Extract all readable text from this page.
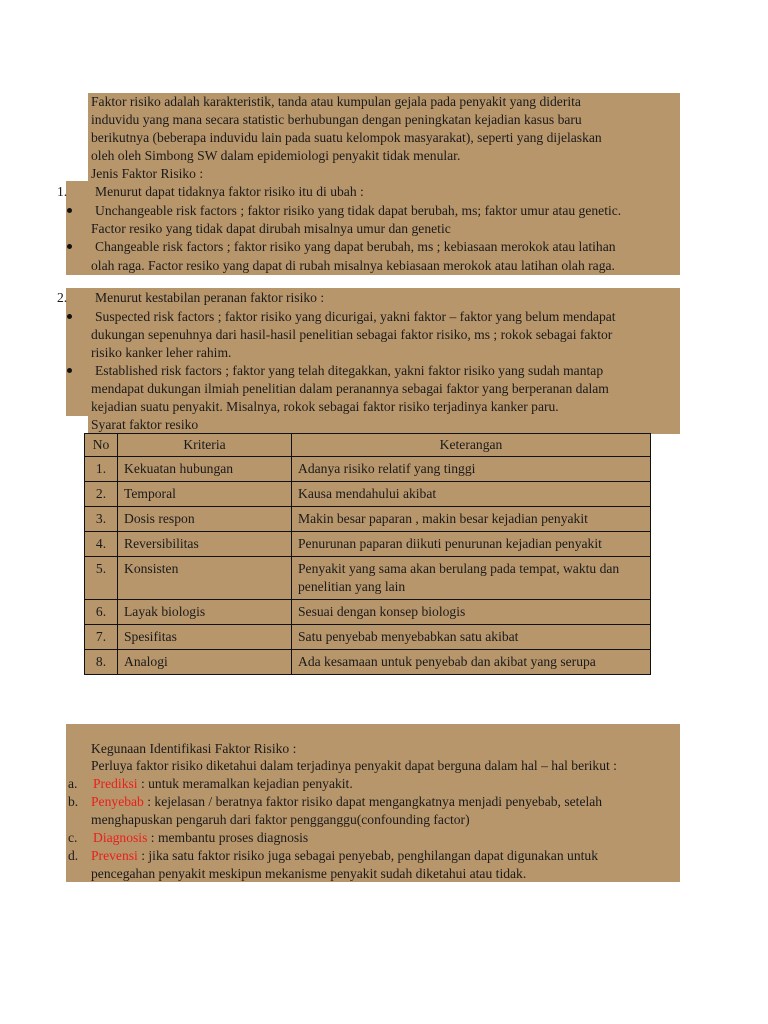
Faktor risiko adalah karakteristik, tanda atau kumpulan gejala pada penyakit yang diderita
induvidu yang mana secara statistic berhubungan dengan peningkatan kejadian kasus baru
berikutnya (beberapa induvidu lain pada suatu kelompok masyarakat), seperti yang dijelaskan
oleh oleh Simbong SW dalam epidemiologi penyakit tidak menular.
Jenis Faktor Risiko :
1. Menurut dapat tidaknya faktor risiko itu di ubah :
Unchangeable risk factors ; faktor risiko yang tidak dapat berubah, ms; faktor umur atau genetic.
Factor resiko yang tidak dapat dirubah misalnya umur dan genetic
Changeable risk factors ; faktor risiko yang dapat berubah, ms ; kebiasaan merokok atau latihan
olah raga. Factor resiko yang dapat di rubah misalnya kebiasaan merokok atau latihan olah raga.
2. Menurut kestabilan peranan faktor risiko :
Suspected risk factors ; faktor risiko yang dicurigai, yakni faktor – faktor yang belum mendapat
dukungan sepenuhnya dari hasil-hasil penelitian sebagai faktor risiko, ms ; rokok sebagai faktor
risiko kanker leher rahim.
Established risk factors ; faktor yang telah ditegakkan, yakni faktor risiko yang sudah mantap
mendapat dukungan ilmiah penelitian dalam peranannya sebagai faktor yang berperanan dalam
kejadian suatu penyakit. Misalnya, rokok sebagai faktor risiko terjadinya kanker paru.
Syarat faktor resiko
No	Kriteria	Keterangan
1.	Kekuatan hubungan	Adanya risiko relatif yang tinggi
2.	Temporal	Kausa mendahului akibat
3.	Dosis respon	Makin besar paparan , makin besar kejadian penyakit
4.	Reversibilitas	Penurunan paparan diikuti penurunan kejadian penyakit
5.	Konsisten	Penyakit yang sama akan berulang pada tempat, waktu dan penelitian yang lain
6.	Layak biologis	Sesuai dengan konsep biologis
7.	Spesifitas	Satu penyebab menyebabkan satu akibat
8.	Analogi	Ada kesamaan untuk penyebab dan akibat yang serupa
Kegunaan Identifikasi Faktor Risiko :
Perluya faktor risiko diketahui dalam terjadinya penyakit dapat berguna dalam hal – hal berikut :
a. Prediksi : untuk meramalkan kejadian penyakit.
b. Penyebab : kejelasan / beratnya faktor risiko dapat mengangkatnya menjadi penyebab, setelah
menghapuskan pengaruh dari faktor pengganggu(confounding factor)
c. Diagnosis : membantu proses diagnosis
d. Prevensi : jika satu faktor risiko juga sebagai penyebab, penghilangan dapat digunakan untuk
pencegahan penyakit meskipun mekanisme penyakit sudah diketahui atau tidak.
